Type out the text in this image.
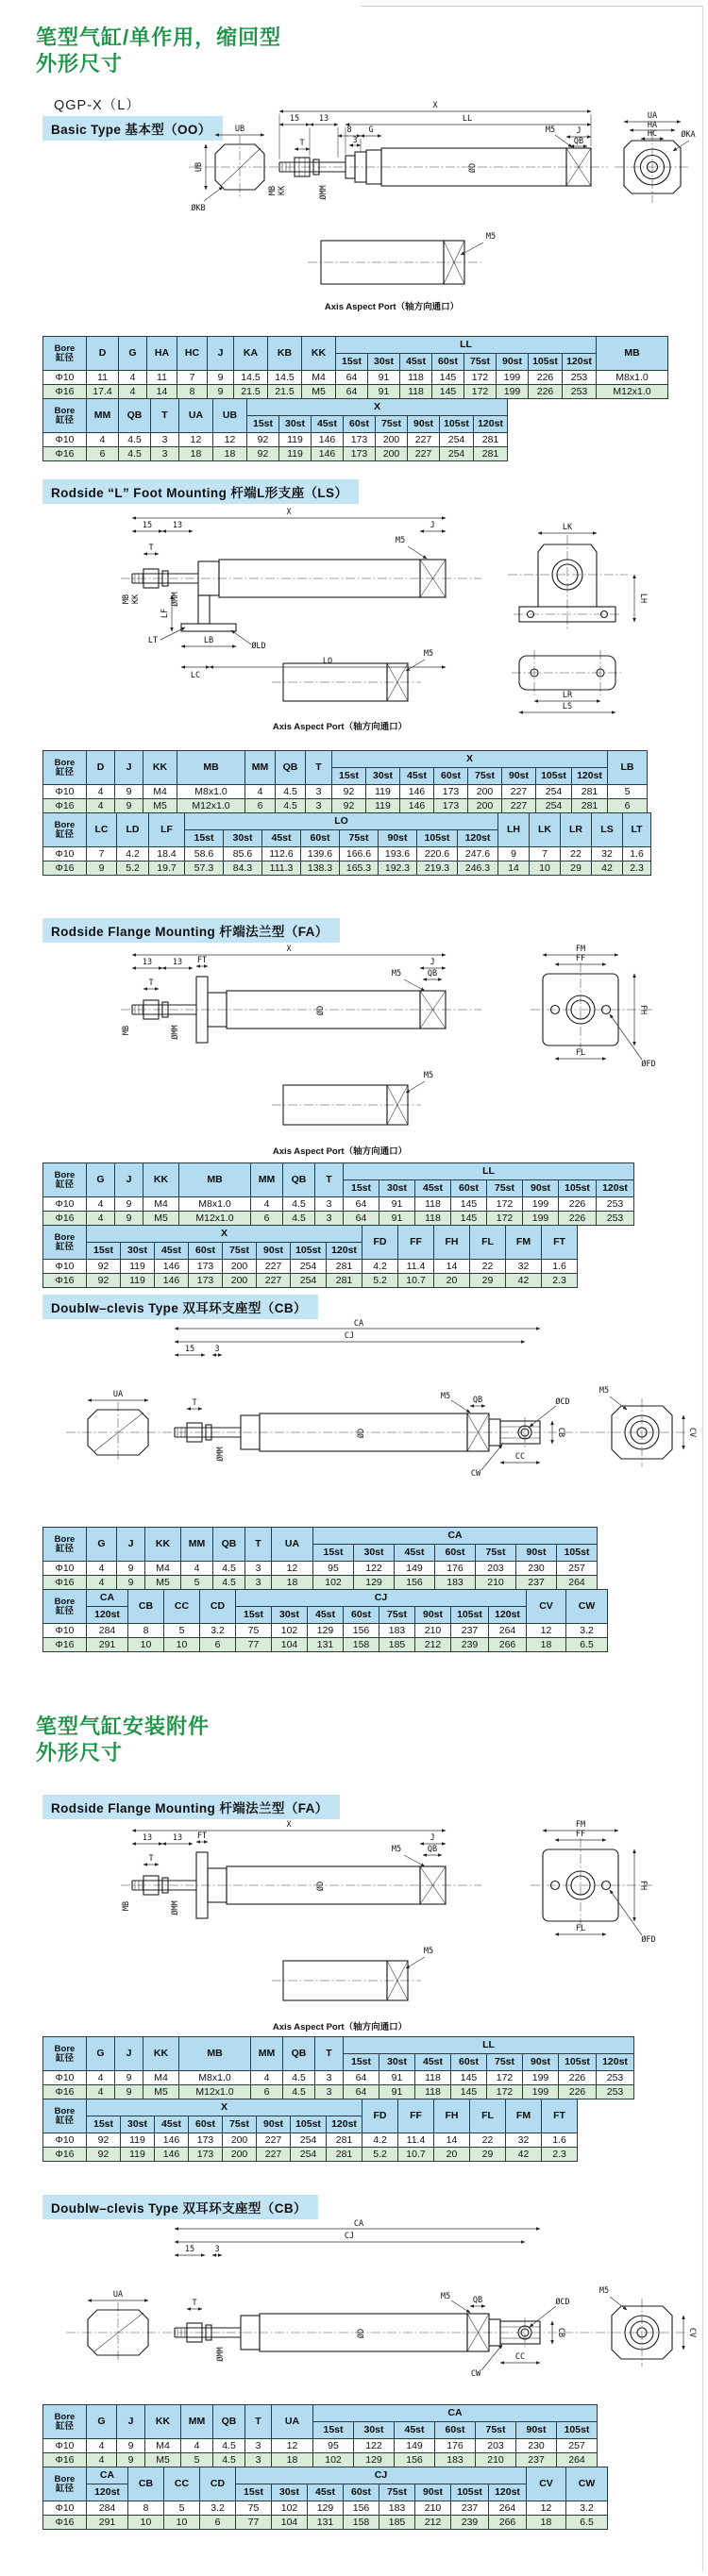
笔型气缸/单作用，缩回型
外形尺寸
QGP-X（L）
Basic Type 基本型（OO）
X
15 13	LL
8 G
3
T
UB
UB
ØKB
MB KK	ØMM
ØD
M5	J
QB
UA
HA
HC	ØKA
M5
Axis Aspect Port（轴方向通口）
Bore
缸径	D	G	HA	HC	J	KA	KB	KK	LL								MB
									15st	30st	45st	60st	75st	90st	105st	120st	
Φ10	11	4	11	7	9	14.5	14.5	M4	64	91	118	145	172	199	226	253	M8x1.0
Φ16	17.4	4	14	8	9	21.5	21.5	M5	64	91	118	145	172	199	226	253	M12x1.0
Bore
缸径	MM	QB	T	UA	UB	X							
						15st	30st	45st	60st	75st	90st	105st	120st
Φ10	4	4.5	3	12	12	92	119	146	173	200	227	254	281
Φ16	6	4.5	3	18	18	92	119	146	173	200	227	254	281
Rodside “L” Foot Mounting 杆端L形支座（LS）
X
15	13	J
T
MB KK	ØMM
M5
LT	LB
ØLD
LO
LC
LF
LK
LH
LR
LS
M5
Axis Aspect Port（轴方向通口）
Bore
缸径	D	J	KK	MB	MM	QB	T	X								LB
								15st	30st	45st	60st	75st	90st	105st	120st	
Φ10	4	9	M4	M8x1.0	4	4.5	3	92	119	146	173	200	227	254	281	5
Φ16	4	9	M5	M12x1.0	6	4.5	3	92	119	146	173	200	227	254	281	6
Bore
缸径	LC	LD	LF	LO								LH	LK	LR	LS	LT
				15st	30st	45st	60st	75st	90st	105st	120st					
Φ10	7	4.2	18.4	58.6	85.6	112.6	139.6	166.6	193.6	220.6	247.6	9	7	22	32	1.6
Φ16	9	5.2	19.7	57.3	84.3	111.3	138.3	165.3	192.3	219.3	246.3	14	10	29	42	2.3
Rodside Flange Mounting 杆端法兰型（FA）
X
13	13	J
QB
T
FT
MB	ØMM
ØD
M5
FM
FF
FH
FL
ØFD
M5
Axis Aspect Port（轴方向通口）
Bore
缸径	G	J	KK	MB	MM	QB	T	LL							
								15st	30st	45st	60st	75st	90st	105st	120st
Φ10	4	9	M4	M8x1.0	4	4.5	3	64	91	118	145	172	199	226	253
Φ16	4	9	M5	M12x1.0	6	4.5	3	64	91	118	145	172	199	226	253
Bore
缸径	X								FD	FF	FH	FL	FM	FT
	15st	30st	45st	60st	75st	90st	105st	120st						
Φ10	92	119	146	173	200	227	254	281	4.2	11.4	14	22	32	1.6
Φ16	92	119	146	173	200	227	254	281	5.2	10.7	20	29	42	2.3
Doublw–clevis Type 双耳环支座型（CB）
CA
CJ
15	3
UA
T	QB
ØMM
ØD
M5
ØCD
CB
CC
CW
CV
M5
Bore
缸径	G	J	KK	MM	QB	T	UA	CA						
								15st	30st	45st	60st	75st	90st	105st
Φ10	4	9	M4	4	4.5	3	12	95	122	149	176	203	230	257
Φ16	4	9	M5	5	4.5	3	18	102	129	156	183	210	237	264
Bore
缸径	CA	CB	CC	CD	CJ								CV	CW
	120st				15st	30st	45st	60st	75st	90st	105st	120st		
Φ10	284	8	5	3.2	75	102	129	156	183	210	237	264	12	3.2
Φ16	291	10	10	6	77	104	131	158	185	212	239	266	18	6.5
笔型气缸安装附件
外形尺寸
Rodside Flange Mounting 杆端法兰型（FA）
Bore
缸径	G	J	KK	MB	MM	QB	T	LL							
								15st	30st	45st	60st	75st	90st	105st	120st
Φ10	4	9	M4	M8x1.0	4	4.5	3	64	91	118	145	172	199	226	253
Φ16	4	9	M5	M12x1.0	6	4.5	3	64	91	118	145	172	199	226	253
Bore
缸径	X								FD	FF	FH	FL	FM	FT
	15st	30st	45st	60st	75st	90st	105st	120st						
Φ10	92	119	146	173	200	227	254	281	4.2	11.4	14	22	32	1.6
Φ16	92	119	146	173	200	227	254	281	5.2	10.7	20	29	42	2.3
Doublw–clevis Type 双耳环支座型（CB）
Bore
缸径	G	J	KK	MM	QB	T	UA	CA						
								15st	30st	45st	60st	75st	90st	105st
Φ10	4	9	M4	4	4.5	3	12	95	122	149	176	203	230	257
Φ16	4	9	M5	5	4.5	3	18	102	129	156	183	210	237	264
Bore
缸径	CA	CB	CC	CD	CJ								CV	CW
	120st				15st	30st	45st	60st	75st	90st	105st	120st		
Φ10	284	8	5	3.2	75	102	129	156	183	210	237	264	12	3.2
Φ16	291	10	10	6	77	104	131	158	185	212	239	266	18	6.5
X
13	13	J
QB
T
FT
MB	ØMM
ØD
M5
FM
FF
FH
FL
ØFD
M5
Axis Aspect Port（轴方向通口）
CA
CJ
15	3
UA
T	QB
ØMM
ØD
M5
ØCD
CB
CC
CW
CV
M5
